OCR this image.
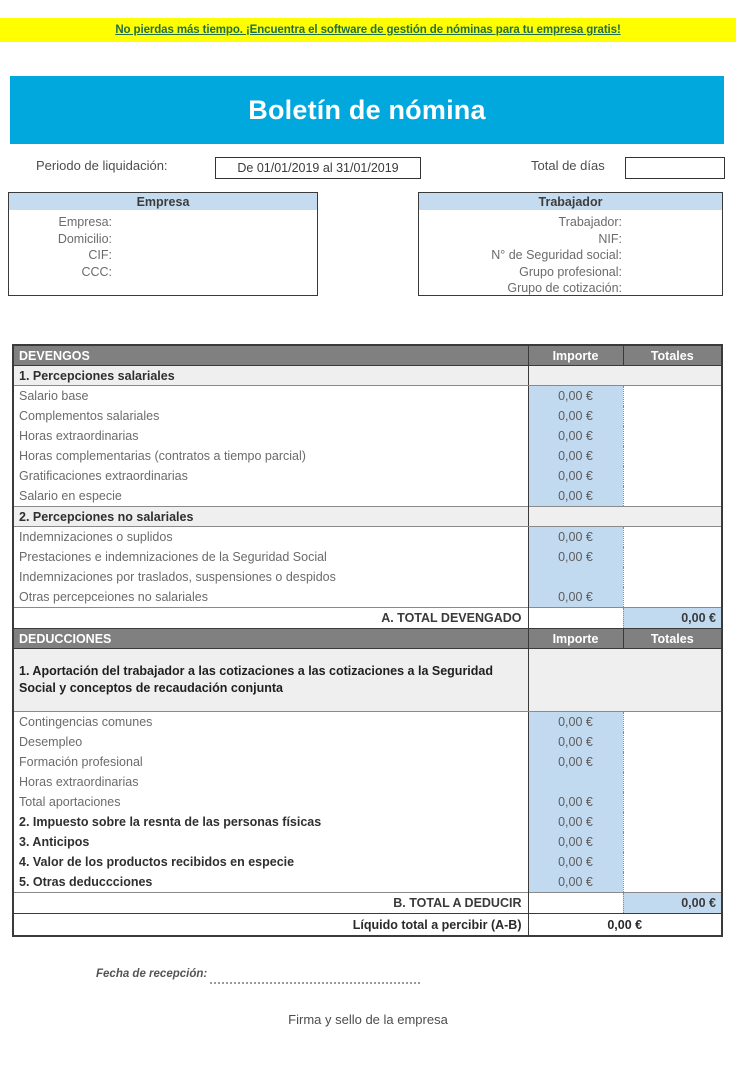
No pierdas más tiempo. ¡Encuentra el software de gestión de nóminas para tu empresa gratis!
Boletín de nómina
Periodo de liquidación:	De 01/01/2019 al 31/01/2019	Total de días
Empresa
Empresa:
Domicilio:
CIF:
CCC:
Trabajador
Trabajador:
NIF:
N° de Seguridad social:
Grupo profesional:
Grupo de cotización:
DEVENGOS	Importe	Totales
1. Percepciones salariales		
Salario base	0,00 €	
Complementos salariales	0,00 €	
Horas extraordinarias	0,00 €	
Horas complementarias (contratos a tiempo parcial)	0,00 €	
Gratificaciones extraordinarias	0,00 €	
Salario en especie	0,00 €	
2. Percepciones no salariales		
Indemnizaciones o suplidos	0,00 €	
Prestaciones e indemnizaciones de la Seguridad Social	0,00 €	
Indemnizaciones por traslados, suspensiones o despidos		
Otras percepceiones no salariales	0,00 €	
A. TOTAL DEVENGADO		0,00 €
DEDUCCIONES	Importe	Totales
1. Aportación del trabajador a las cotizaciones a las cotizaciones a la Seguridad Social y conceptos de recaudación conjunta		
Contingencias comunes	0,00 €	
Desempleo	0,00 €	
Formación profesional	0,00 €	
Horas extraordinarias		
Total aportaciones	0,00 €	
2. Impuesto sobre la resnta de las personas físicas	0,00 €	
3. Anticipos	0,00 €	
4. Valor de los productos recibidos en especie	0,00 €	
5. Otras deduccciones	0,00 €	
B. TOTAL A DEDUCIR		0,00 €
Líquido total a percibir (A-B)	0,00 €	
Fecha de recepción:
Firma y sello de la empresa
